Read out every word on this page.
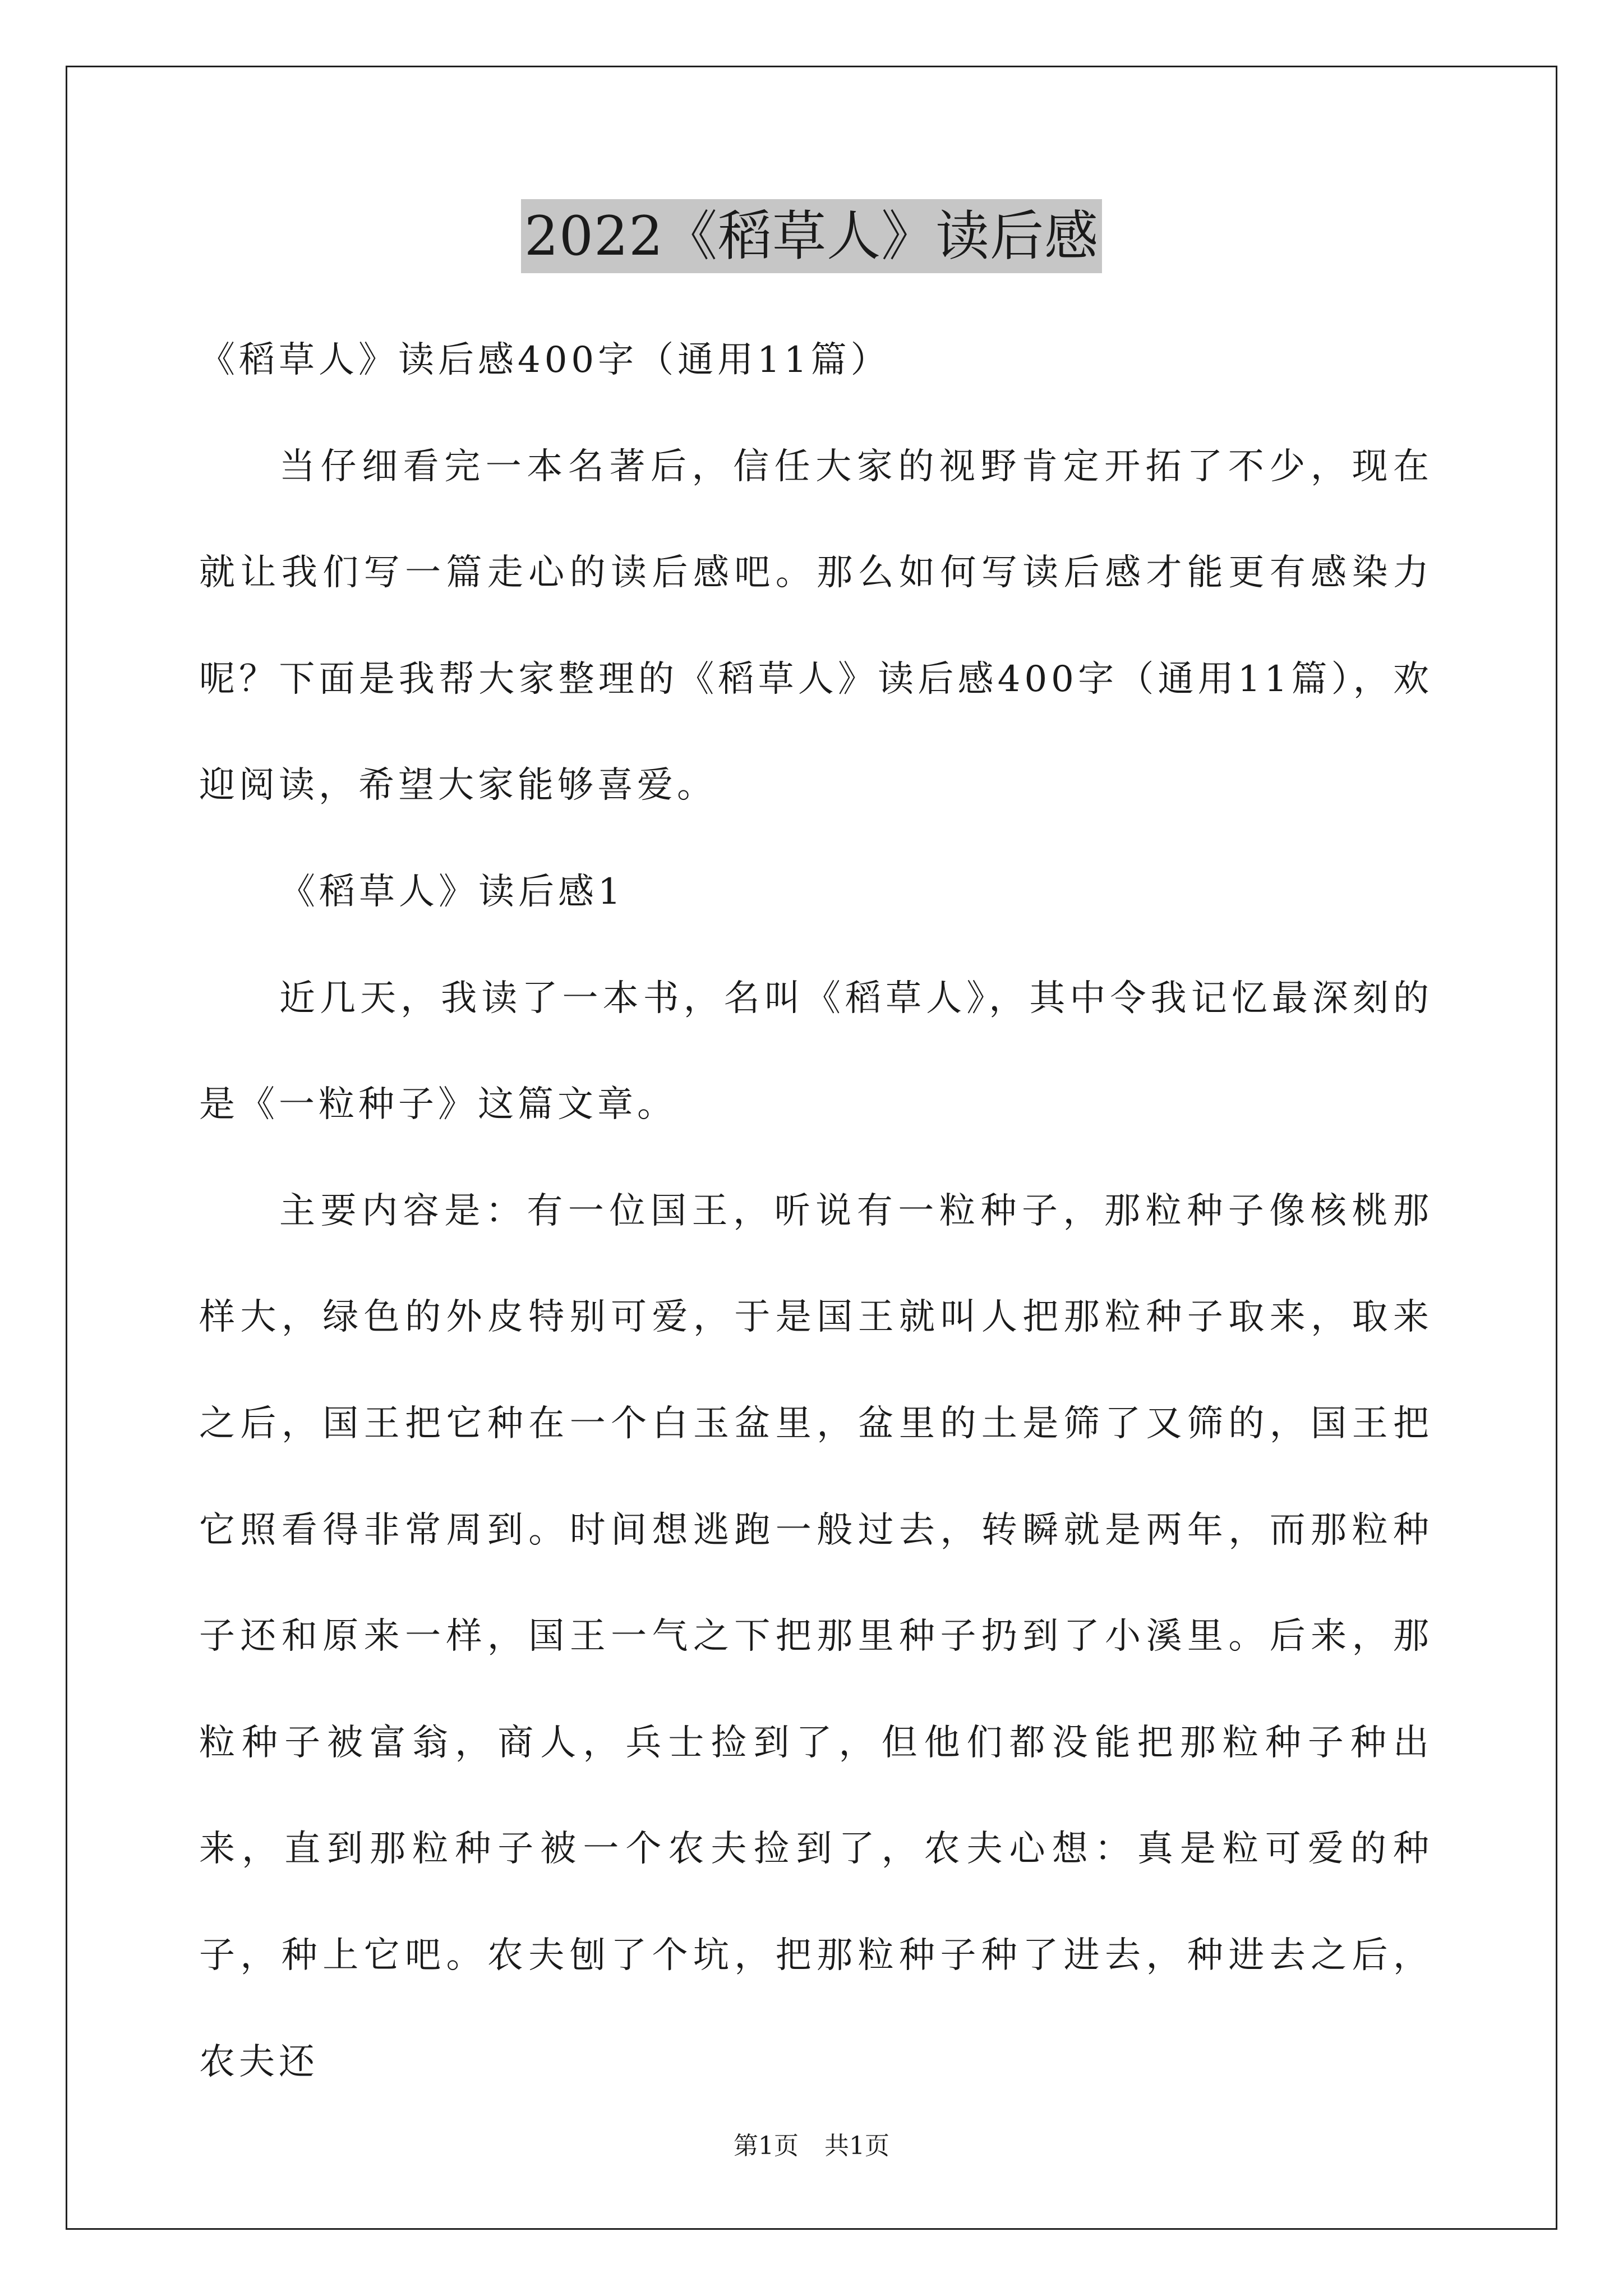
2022《稻草人》读后感

《稻草人》读后感400字（通用11篇）

当仔细看完一本名著后，信任大家的视野肯定开拓了不少，现在就让我们写一篇走心的读后感吧。那么如何写读后感才能更有感染力呢？下面是我帮大家整理的《稻草人》读后感400字（通用11篇），欢迎阅读，希望大家能够喜爱。

《稻草人》读后感1

近几天，我读了一本书，名叫《稻草人》，其中令我记忆最深刻的是《一粒种子》这篇文章。

主要内容是：有一位国王，听说有一粒种子，那粒种子像核桃那样大，绿色的外皮特别可爱，于是国王就叫人把那粒种子取来，取来之后，国王把它种在一个白玉盆里，盆里的土是筛了又筛的，国王把它照看得非常周到。时间想逃跑一般过去，转瞬就是两年，而那粒种子还和原来一样，国王一气之下把那里种子扔到了小溪里。后来，那粒种子被富翁，商人，兵士捡到了，但他们都没能把那粒种子种出来，直到那粒种子被一个农夫捡到了，农夫心想：真是粒可爱的种子，种上它吧。农夫刨了个坑，把那粒种子种了进去，种进去之后，农夫还

第1页 共1页
